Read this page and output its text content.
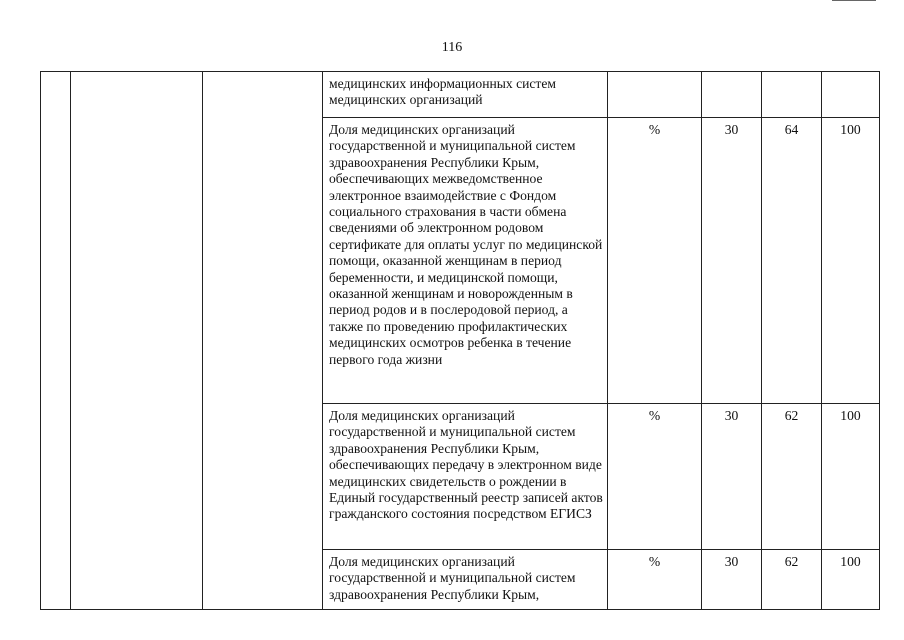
116
			медицинских информационных систем медицинских организаций				
			Доля медицинских организаций государственной и муниципальной систем здравоохранения Республики Крым, обеспечивающих межведомственное электронное взаимодействие с Фондом социального страхования в части обмена сведениями об электронном родовом сертификате для оплаты услуг по медицинской помощи, оказанной женщинам в период беременности, и медицинской помощи, оказанной женщинам и новорожденным в период родов и в послеродовой период, а также по проведению профилактических медицинских осмотров ребенка в течение первого года жизни	%	30	64	100
			Доля медицинских организаций государственной и муниципальной систем здравоохранения Республики Крым, обеспечивающих передачу в электронном виде медицинских свидетельств о рождении в Единый государственный реестр записей актов гражданского состояния посредством ЕГИСЗ	%	30	62	100
			Доля медицинских организаций государственной и муниципальной систем здравоохранения Республики Крым,	%	30	62	100
